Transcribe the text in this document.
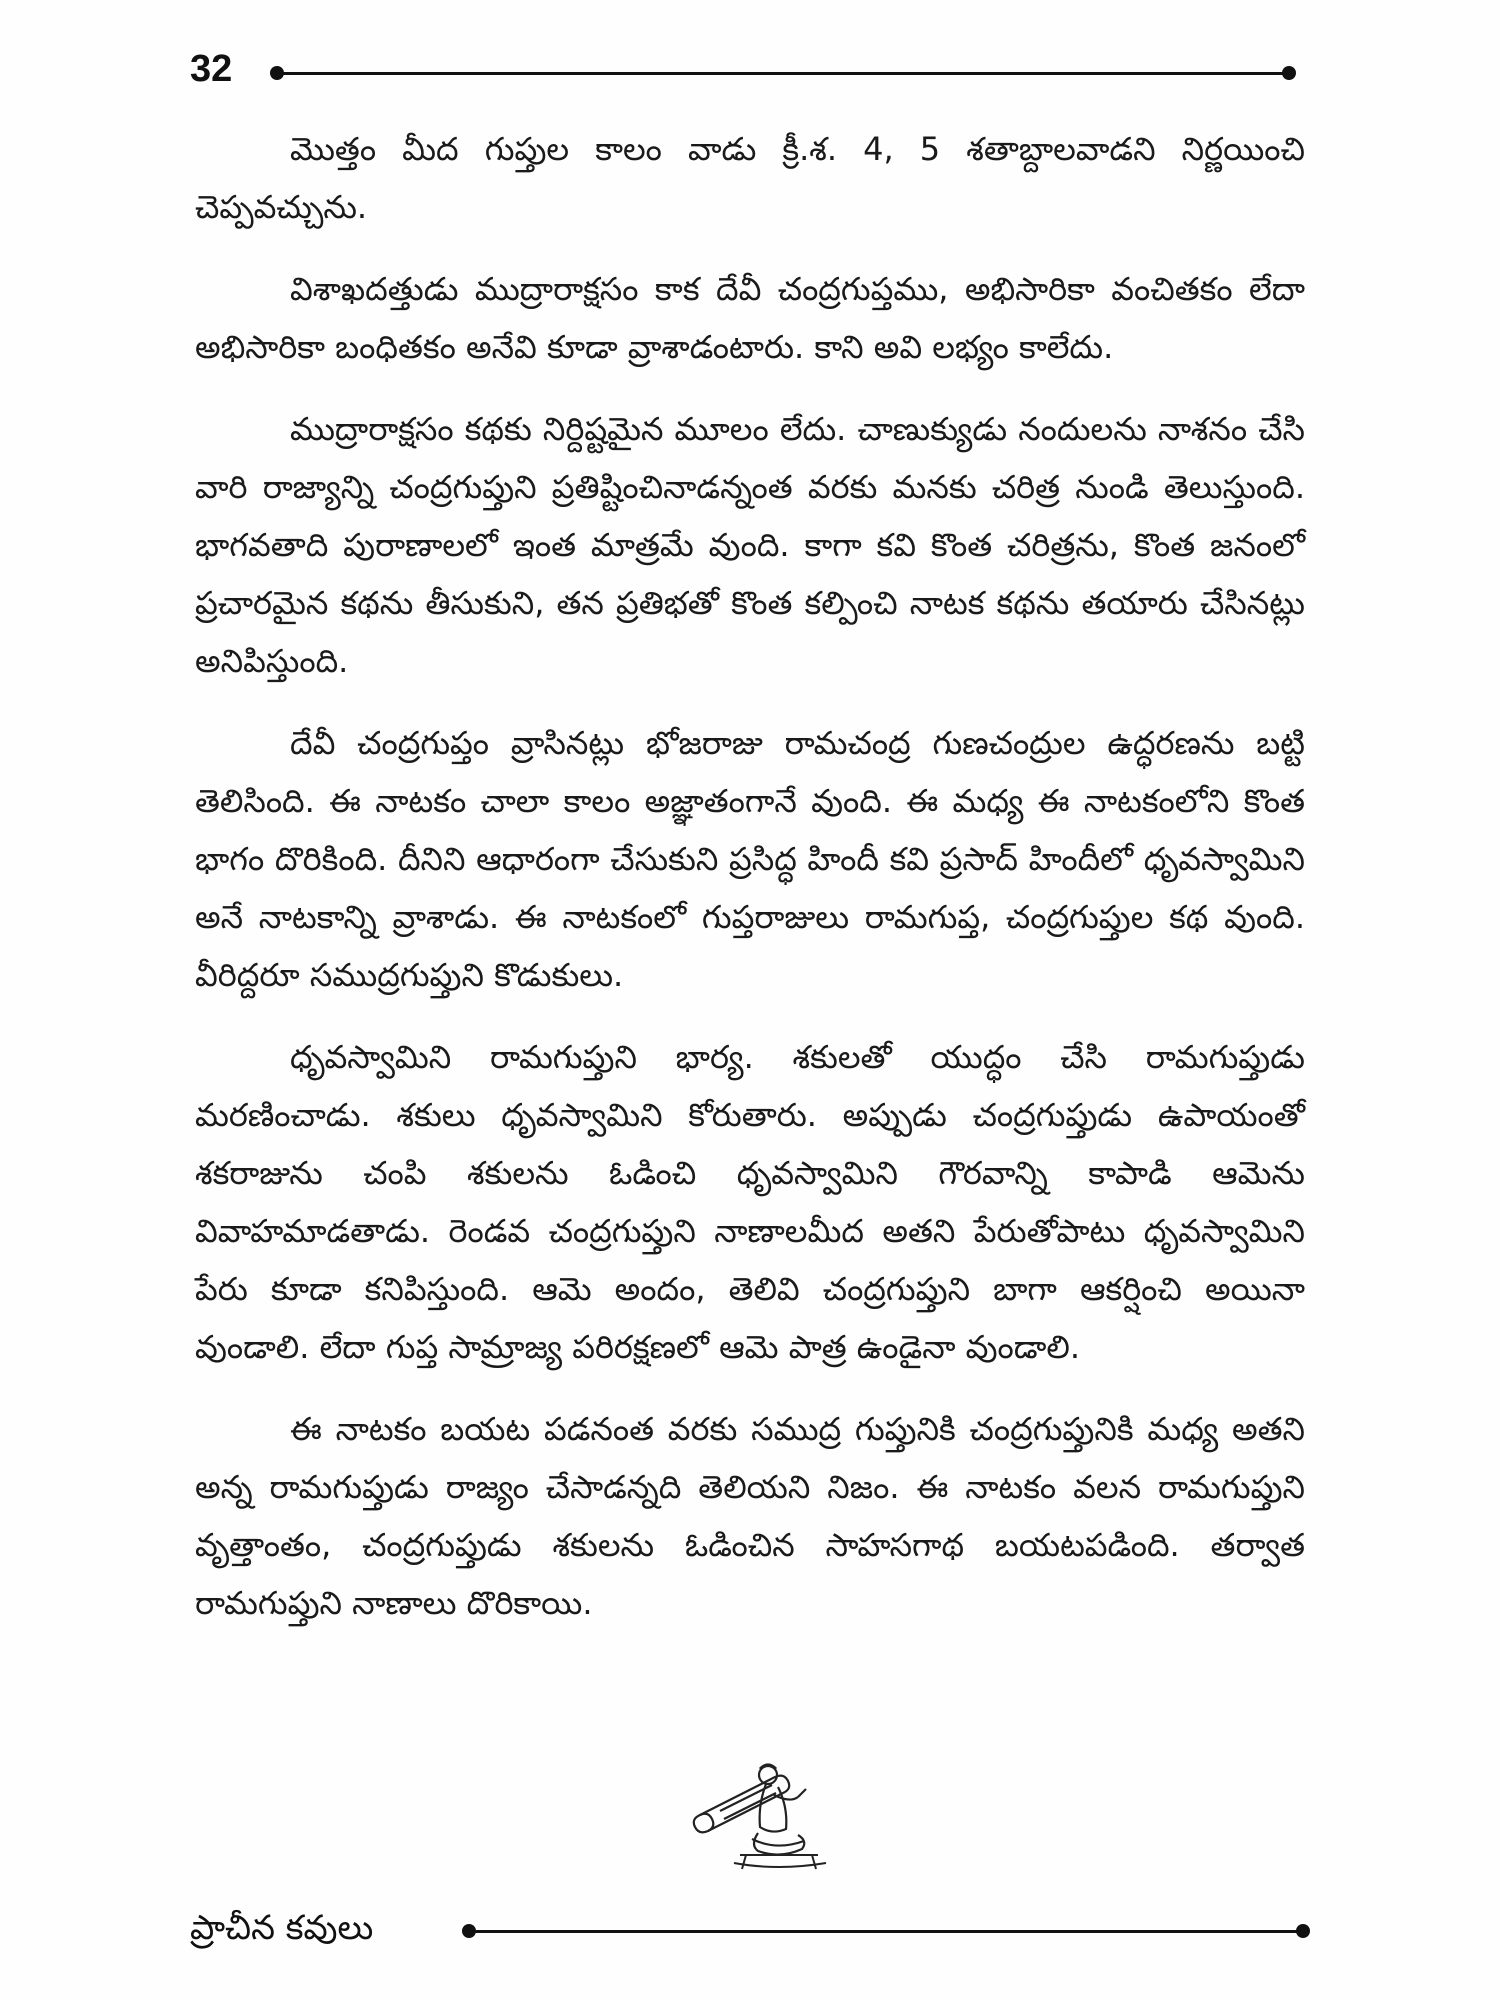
32

మొత్తం మీద గుప్తుల కాలం వాడు క్రీ.శ. 4, 5 శతాబ్దాలవాడని నిర్ణయించి చెప్పవచ్చును.

విశాఖదత్తుడు ముద్రారాక్షసం కాక దేవీ చంద్రగుప్తము, అభిసారికా వంచితకం లేదా అభిసారికా బంధితకం అనేవి కూడా వ్రాశాడంటారు. కాని అవి లభ్యం కాలేదు.

ముద్రారాక్షసం కథకు నిర్దిష్టమైన మూలం లేదు. చాణుక్యుడు నందులను నాశనం చేసి వారి రాజ్యాన్ని చంద్రగుప్తుని ప్రతిష్టించినాడన్నంత వరకు మనకు చరిత్ర నుండి తెలుస్తుంది. భాగవతాది పురాణాలలో ఇంత మాత్రమే వుంది. కాగా కవి కొంత చరిత్రను, కొంత జనంలో ప్రచారమైన కథను తీసుకుని, తన ప్రతిభతో కొంత కల్పించి నాటక కథను తయారు చేసినట్లు అనిపిస్తుంది.

దేవీ చంద్రగుప్తం వ్రాసినట్లు భోజరాజు రామచంద్ర గుణచంద్రుల ఉద్ధరణను బట్టి తెలిసింది. ఈ నాటకం చాలా కాలం అజ్ఞాతంగానే వుంది. ఈ మధ్య ఈ నాటకంలోని కొంత భాగం దొరికింది. దీనిని ఆధారంగా చేసుకుని ప్రసిద్ధ హిందీ కవి ప్రసాద్ హిందీలో ధృవస్వామిని అనే నాటకాన్ని వ్రాశాడు. ఈ నాటకంలో గుప్తరాజులు రామగుప్త, చంద్రగుప్తుల కథ వుంది. వీరిద్దరూ సముద్రగుప్తుని కొడుకులు.

ధృవస్వామిని రామగుప్తుని భార్య. శకులతో యుద్ధం చేసి రామగుప్తుడు మరణించాడు. శకులు ధృవస్వామిని కోరుతారు. అప్పుడు చంద్రగుప్తుడు ఉపాయంతో శకరాజును చంపి శకులను ఓడించి ధృవస్వామిని గౌరవాన్ని కాపాడి ఆమెను వివాహమాడతాడు. రెండవ చంద్రగుప్తుని నాణాలమీద అతని పేరుతోపాటు ధృవస్వామిని పేరు కూడా కనిపిస్తుంది. ఆమె అందం, తెలివి చంద్రగుప్తుని బాగా ఆకర్షించి అయినా వుండాలి. లేదా గుప్త సామ్రాజ్య పరిరక్షణలో ఆమె పాత్ర ఉండైనా వుండాలి.

ఈ నాటకం బయట పడనంత వరకు సముద్ర గుప్తునికి చంద్రగుప్తునికి మధ్య అతని అన్న రామగుప్తుడు రాజ్యం చేసాడన్నది తెలియని నిజం. ఈ నాటకం వలన రామగుప్తుని వృత్తాంతం, చంద్రగుప్తుడు శకులను ఓడించిన సాహసగాథ బయటపడింది. తర్వాత రామగుప్తుని నాణాలు దొరికాయి.

ప్రాచీన కవులు
